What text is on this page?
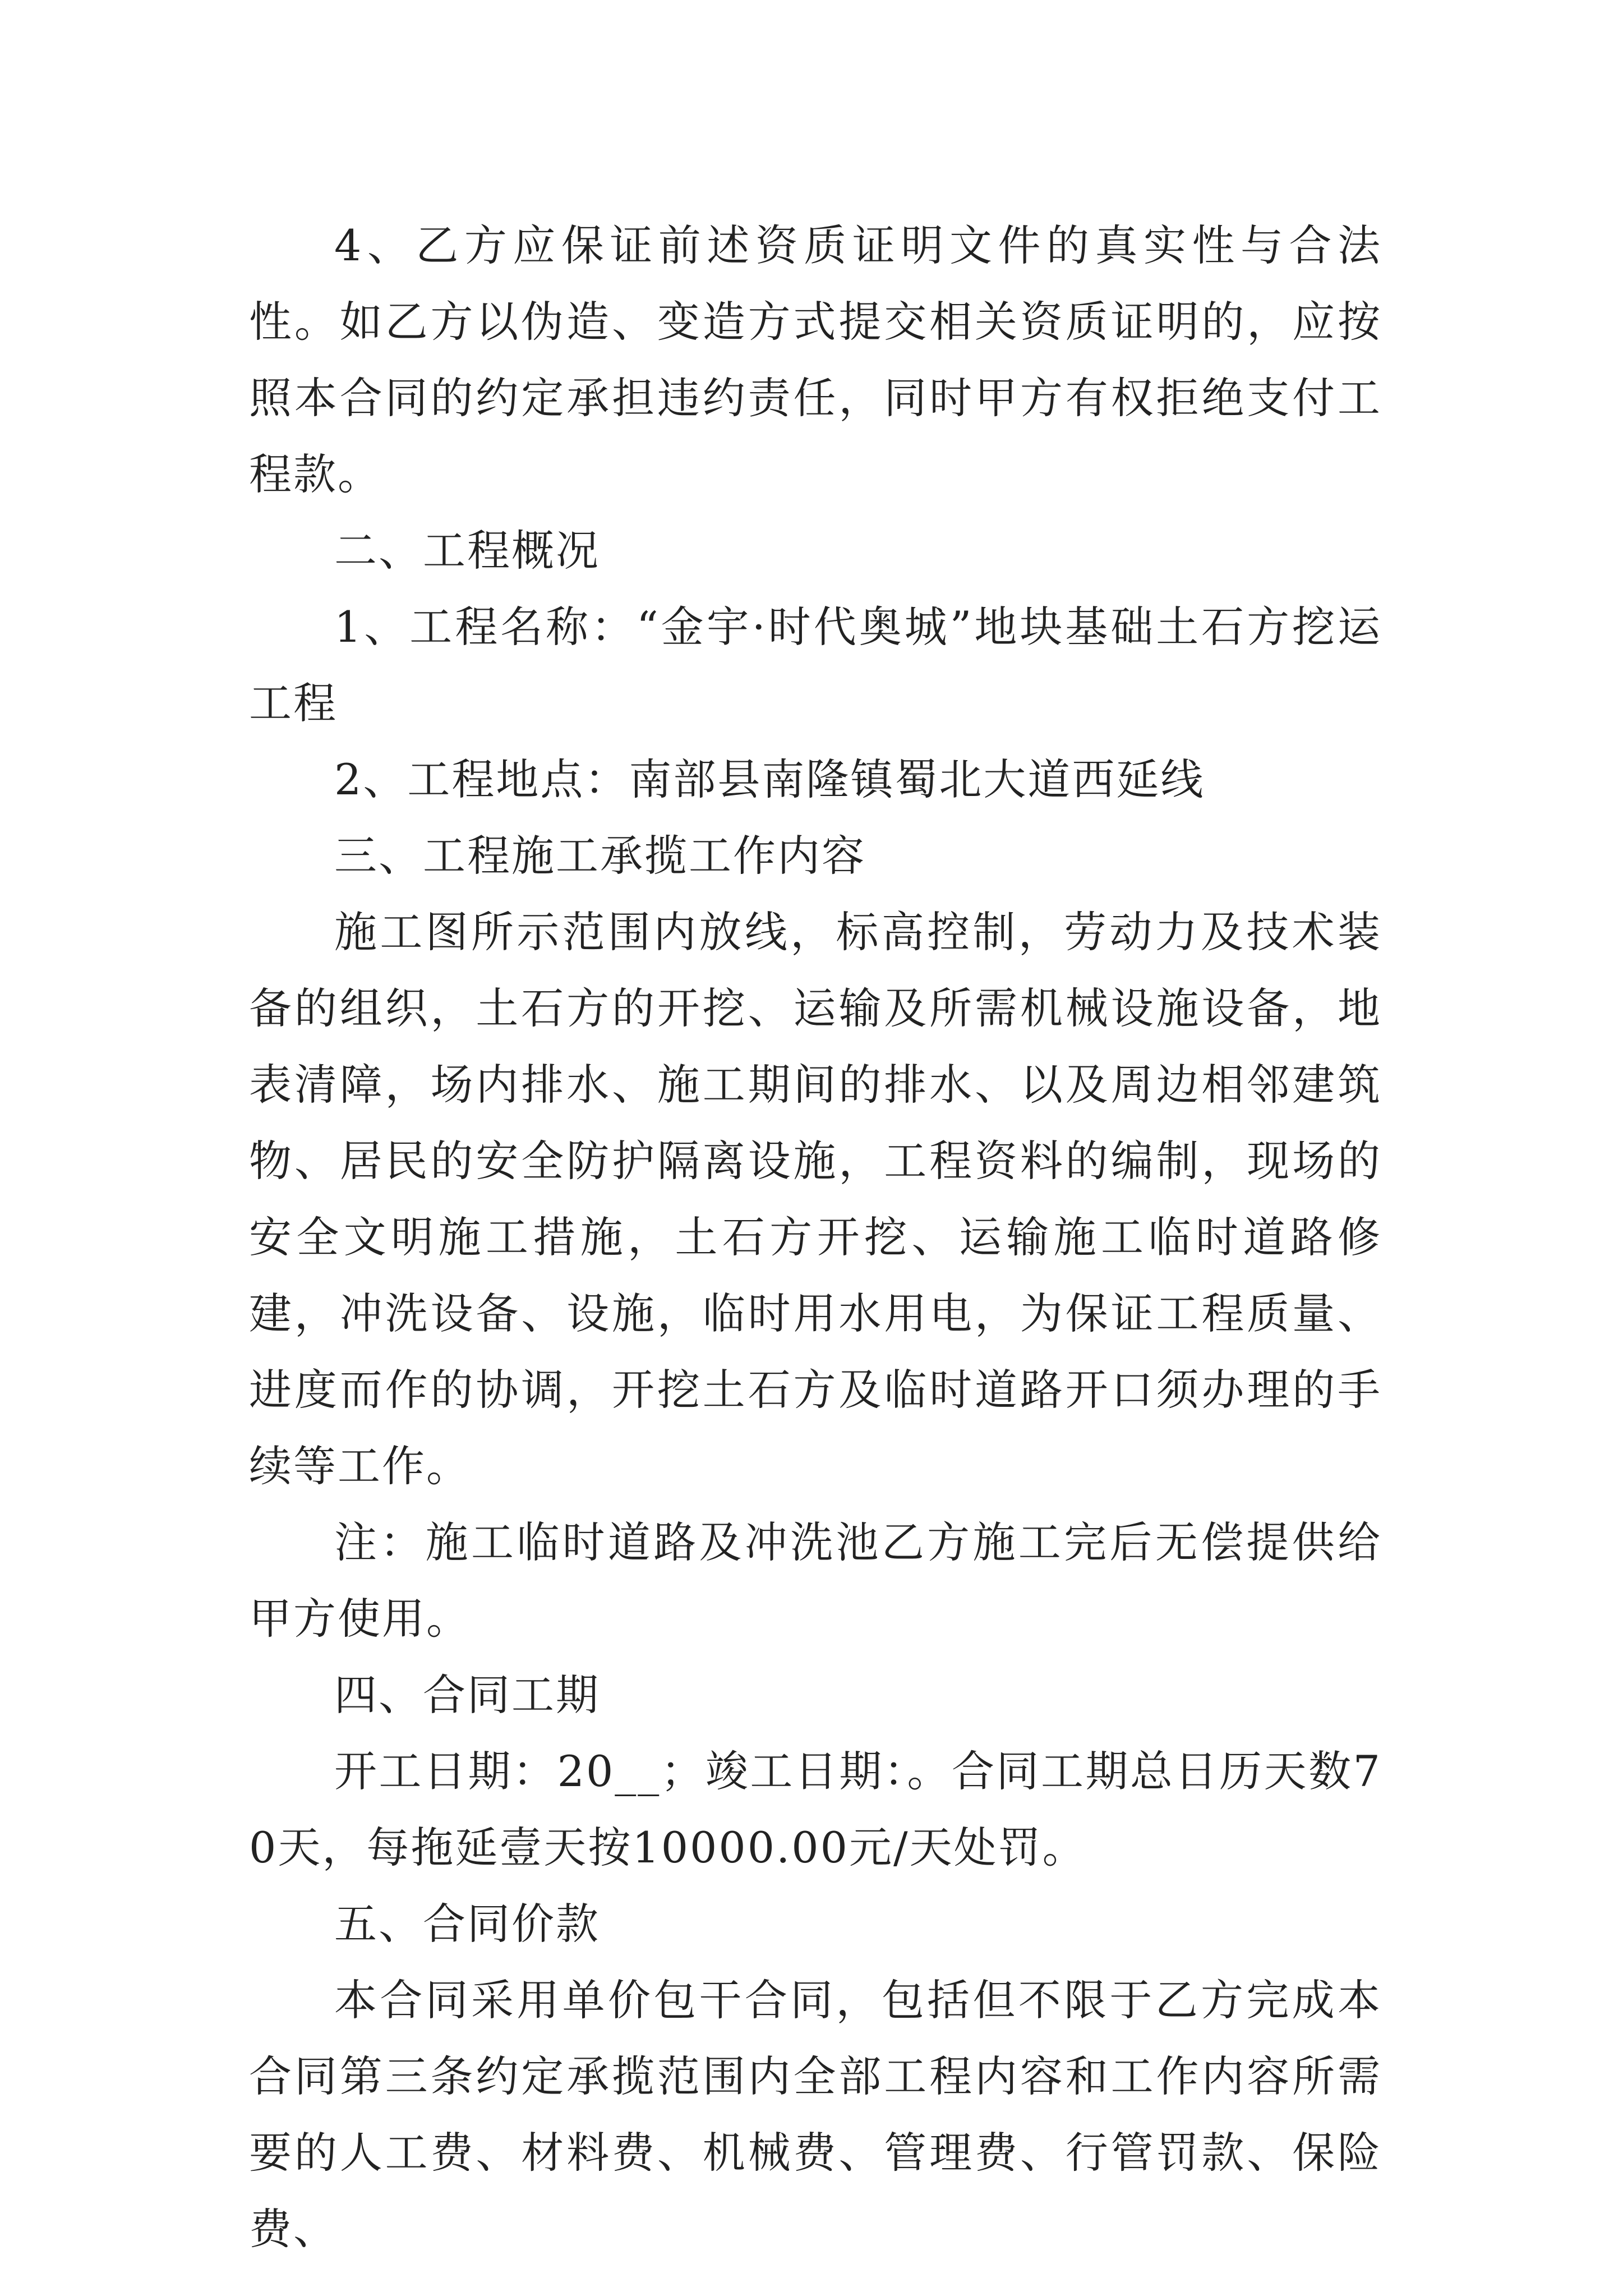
4、乙方应保证前述资质证明文件的真实性与合法性。如乙方以伪造、变造方式提交相关资质证明的，应按照本合同的约定承担违约责任，同时甲方有权拒绝支付工程款。

二、工程概况

1、工程名称：“金宇·时代奥城”地块基础土石方挖运工程

2、工程地点：南部县南隆镇蜀北大道西延线

三、工程施工承揽工作内容

施工图所示范围内放线，标高控制，劳动力及技术装备的组织，土石方的开挖、运输及所需机械设施设备，地表清障，场内排水、施工期间的排水、以及周边相邻建筑物、居民的安全防护隔离设施，工程资料的编制，现场的安全文明施工措施，土石方开挖、运输施工临时道路修建，冲洗设备、设施，临时用水用电，为保证工程质量、进度而作的协调，开挖土石方及临时道路开口须办理的手续等工作。

注：施工临时道路及冲洗池乙方施工完后无偿提供给甲方使用。

四、合同工期

开工日期：20__；竣工日期：。合同工期总日历天数70天，每拖延壹天按10000.00元/天处罚。

五、合同价款

本合同采用单价包干合同，包括但不限于乙方完成本合同第三条约定承揽范围内全部工程内容和工作内容所需要的人工费、材料费、机械费、管理费、行管罚款、保险费、
